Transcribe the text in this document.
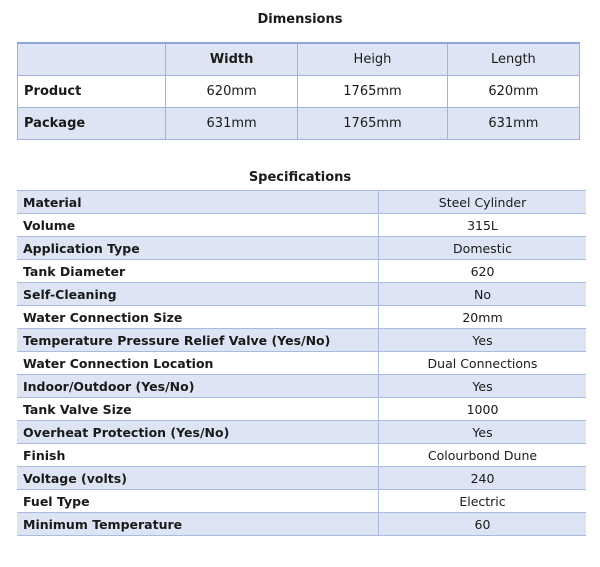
Dimensions
	Width	Heigh	Length
Product	620mm	1765mm	620mm
Package	631mm	1765mm	631mm
Specifications
Material	Steel Cylinder
Volume	315L
Application Type	Domestic
Tank Diameter	620
Self-Cleaning	No
Water Connection Size	20mm
Temperature Pressure Relief Valve (Yes/No)	Yes
Water Connection Location	Dual Connections
Indoor/Outdoor (Yes/No)	Yes
Tank Valve Size	1000
Overheat Protection (Yes/No)	Yes
Finish	Colourbond Dune
Voltage (volts)	240
Fuel Type	Electric
Minimum Temperature	60
